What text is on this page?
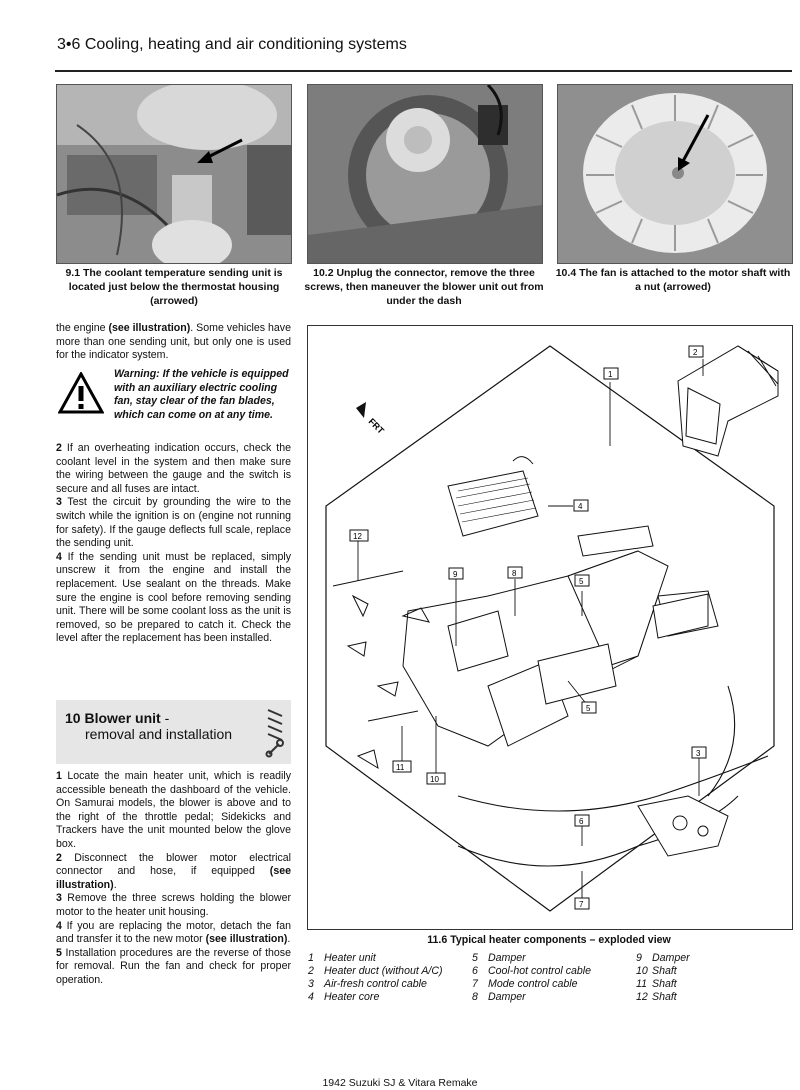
3•6 Cooling, heating and air conditioning systems
9.1 The coolant temperature sending unit is located just below the thermostat housing (arrowed)
10.2 Unplug the connector, remove the three screws, then maneuver the blower unit out from under the dash
10.4 The fan is attached to the motor shaft with a nut (arrowed)
the engine (see illustration). Some vehicles have more than one sending unit, but only one is used for the indicator system.
Warning: If the vehicle is equipped with an auxiliary electric cooling fan, stay clear of the fan blades, which can come on at any time.
2 If an overheating indication occurs, check the coolant level in the system and then make sure the wiring between the gauge and the switch is secure and all fuses are intact.
3 Test the circuit by grounding the wire to the switch while the ignition is on (engine not running for safety). If the gauge deflects full scale, replace the sending unit.
4 If the sending unit must be replaced, simply unscrew it from the engine and install the replacement. Use sealant on the threads. Make sure the engine is cool before removing sending unit. There will be some coolant loss as the unit is removed, so be prepared to catch it. Check the level after the replacement has been installed.
10 Blower unit -
removal and installation
1 Locate the main heater unit, which is readily accessible beneath the dashboard of the vehicle. On Samurai models, the blower is above and to the right of the throttle pedal; Sidekicks and Trackers have the unit mounted below the glove box.
2 Disconnect the blower motor electrical connector and hose, if equipped (see illustration).
3 Remove the three screws holding the blower motor to the heater unit housing.
4 If you are replacing the motor, detach the fan and transfer it to the new motor (see illustration).
5 Installation procedures are the reverse of those for removal. Run the fan and check for proper operation.
FRT
1
2
3
4
5
5
6
7
8
9
10
11
12
11.6 Typical heater components – exploded view
1 Heater unit
2 Heater duct (without A/C)
3 Air-fresh control cable
4 Heater core
5 Damper
6 Cool-hot control cable
7 Mode control cable
8 Damper
9 Damper
10 Shaft
11 Shaft
12 Shaft
1942 Suzuki SJ & Vitara Remake
